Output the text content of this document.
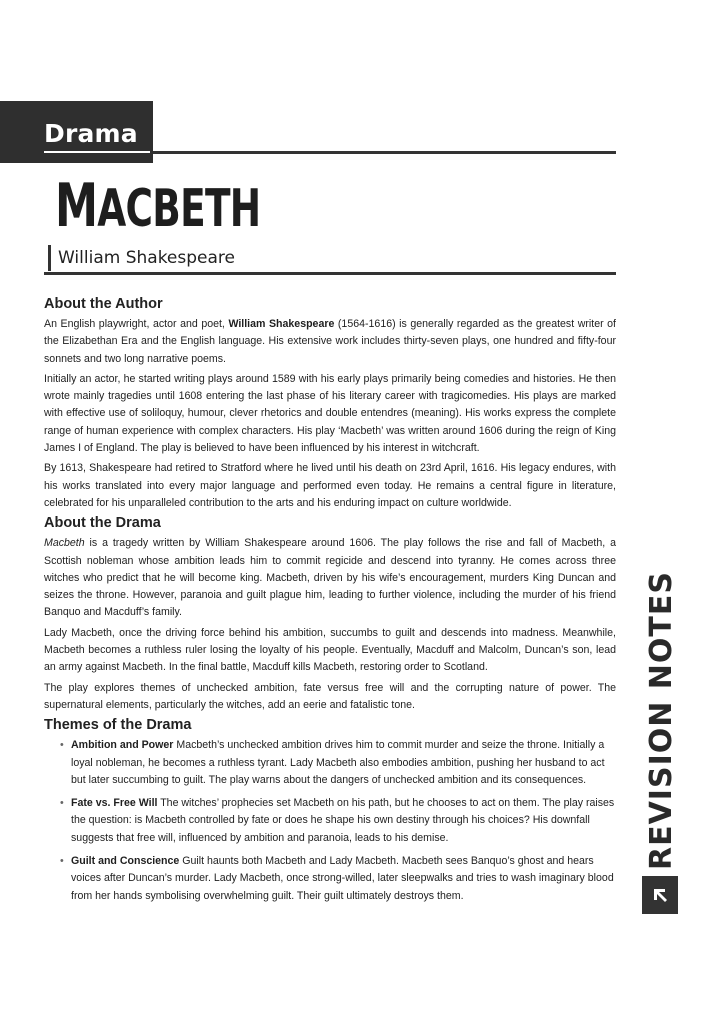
Drama
MACBETH
William Shakespeare
About the Author

An English playwright, actor and poet, William Shakespeare (1564-1616) is generally regarded as the greatest writer of the Elizabethan Era and the English language. His extensive work includes thirty-seven plays, one hundred and fifty-four sonnets and two long narrative poems.

Initially an actor, he started writing plays around 1589 with his early plays primarily being comedies and histories. He then wrote mainly tragedies until 1608 entering the last phase of his literary career with tragicomedies. His plays are marked with effective use of soliloquy, humour, clever rhetorics and double entendres (meaning). His works express the complete range of human experience with complex characters. His play ‘Macbeth’ was written around 1606 during the reign of King James I of England. The play is believed to have been influenced by his interest in witchcraft.

By 1613, Shakespeare had retired to Stratford where he lived until his death on 23rd April, 1616. His legacy endures, with his works translated into every major language and performed even today. He remains a central figure in literature, celebrated for his unparalleled contribution to the arts and his enduring impact on culture worldwide.

About the Drama

Macbeth is a tragedy written by William Shakespeare around 1606. The play follows the rise and fall of Macbeth, a Scottish nobleman whose ambition leads him to commit regicide and descend into tyranny. He comes across three witches who predict that he will become king. Macbeth, driven by his wife’s encouragement, murders King Duncan and seizes the throne. However, paranoia and guilt plague him, leading to further violence, including the murder of his friend Banquo and Macduff’s family.

Lady Macbeth, once the driving force behind his ambition, succumbs to guilt and descends into madness. Meanwhile, Macbeth becomes a ruthless ruler losing the loyalty of his people. Eventually, Macduff and Malcolm, Duncan’s son, lead an army against Macbeth. In the final battle, Macduff kills Macbeth, restoring order to Scotland.

The play explores themes of unchecked ambition, fate versus free will and the corrupting nature of power. The supernatural elements, particularly the witches, add an eerie and fatalistic tone.

Themes of the Drama
• Ambition and Power Macbeth’s unchecked ambition drives him to commit murder and seize the throne. Initially a loyal nobleman, he becomes a ruthless tyrant. Lady Macbeth also embodies ambition, pushing her husband to act but later succumbing to guilt. The play warns about the dangers of unchecked ambition and its consequences.
• Fate vs. Free Will The witches’ prophecies set Macbeth on his path, but he chooses to act on them. The play raises the question: is Macbeth controlled by fate or does he shape his own destiny through his choices? His downfall suggests that free will, influenced by ambition and paranoia, leads to his demise.
• Guilt and Conscience Guilt haunts both Macbeth and Lady Macbeth. Macbeth sees Banquo’s ghost and hears voices after Duncan’s murder. Lady Macbeth, once strong-willed, later sleepwalks and tries to wash imaginary blood from her hands symbolising overwhelming guilt. Their guilt ultimately destroys them.
REVISION NOTES
